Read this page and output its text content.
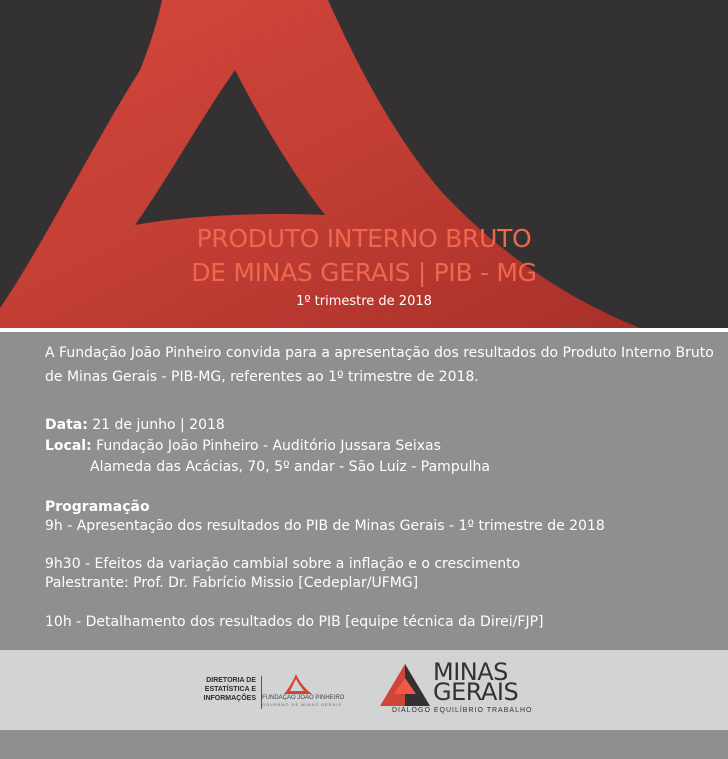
PRODUTO INTERNO BRUTO
DE MINAS GERAIS | PIB - MG
1º trimestre de 2018
A Fundação João Pinheiro convida para a apresentação dos resultados do Produto Interno Bruto de Minas Gerais - PIB-MG, referentes ao 1º trimestre de 2018.
Data: 21 de junho | 2018
Local: Fundação João Pinheiro - Auditório Jussara Seixas
Alameda das Acácias, 70, 5º andar - São Luiz - Pampulha
Programação
9h - Apresentação dos resultados do PIB de Minas Gerais - 1º trimestre de 2018
9h30 - Efeitos da variação cambial sobre a inflação e o crescimento
Palestrante: Prof. Dr. Fabrício Missio [Cedeplar/UFMG]
10h - Detalhamento dos resultados do PIB [equipe técnica da Direi/FJP]
DIRETORIA DE
ESTATÍSTICA E
INFORMAÇÕES FUNDAÇÃO JOÃO PINHEIRO
GOVERNO DE MINAS GERAIS
MINAS
GERAIS
DIÁLOGO EQUILÍBRIO TRABALHO
